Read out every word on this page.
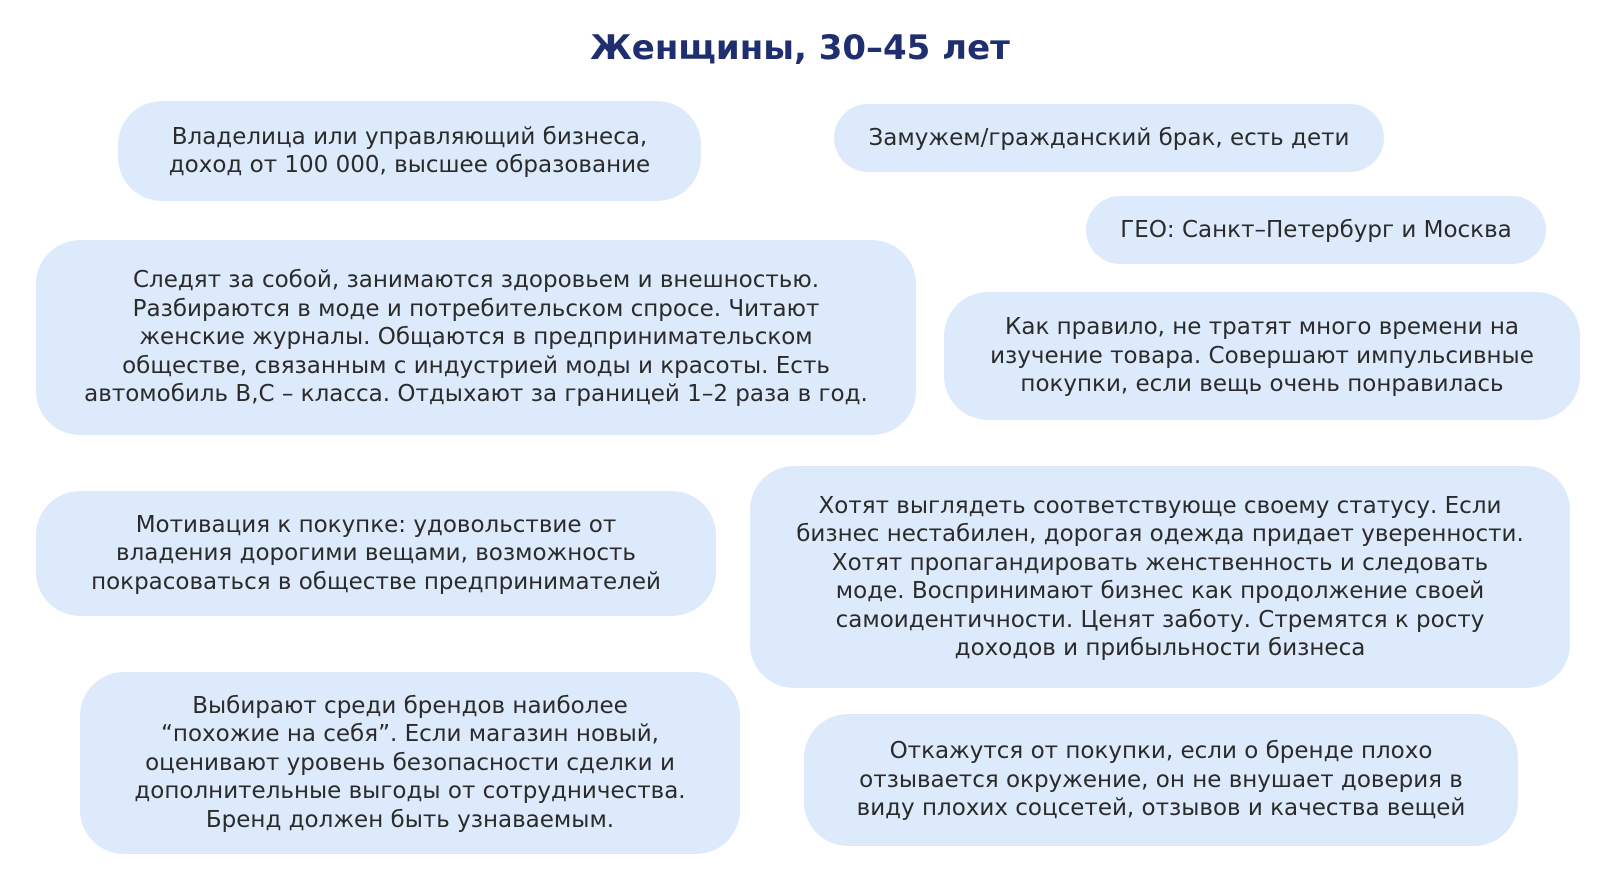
Женщины, 30–45 лет
Владелица или управляющий бизнеса,
доход от 100 000, высшее образование
Замужем/гражданский брак, есть дети
ГЕО: Санкт–Петербург и Москва
Следят за собой, занимаются здоровьем и внешностью.
Разбираются в моде и потребительском спросе. Читают
женские журналы. Общаются в предпринимательском
обществе, связанным с индустрией моды и красоты. Есть
автомобиль В,С – класса. Отдыхают за границей 1–2 раза в год.
Как правило, не тратят много времени на
изучение товара. Совершают импульсивные
покупки, если вещь очень понравилась
Мотивация к покупке: удовольствие от
владения дорогими вещами, возможность
покрасоваться в обществе предпринимателей
Хотят выглядеть соответствующе своему статусу. Если
бизнес нестабилен, дорогая одежда придает уверенности.
Хотят пропагандировать женственность и следовать
моде. Воспринимают бизнес как продолжение своей
самоидентичности. Ценят заботу. Стремятся к росту
доходов и прибыльности бизнеса
Выбирают среди брендов наиболее
“похожие на себя”. Если магазин новый,
оценивают уровень безопасности сделки и
дополнительные выгоды от сотрудничества.
Бренд должен быть узнаваемым.
Откажутся от покупки, если о бренде плохо
отзывается окружение, он не внушает доверия в
виду плохих соцсетей, отзывов и качества вещей
